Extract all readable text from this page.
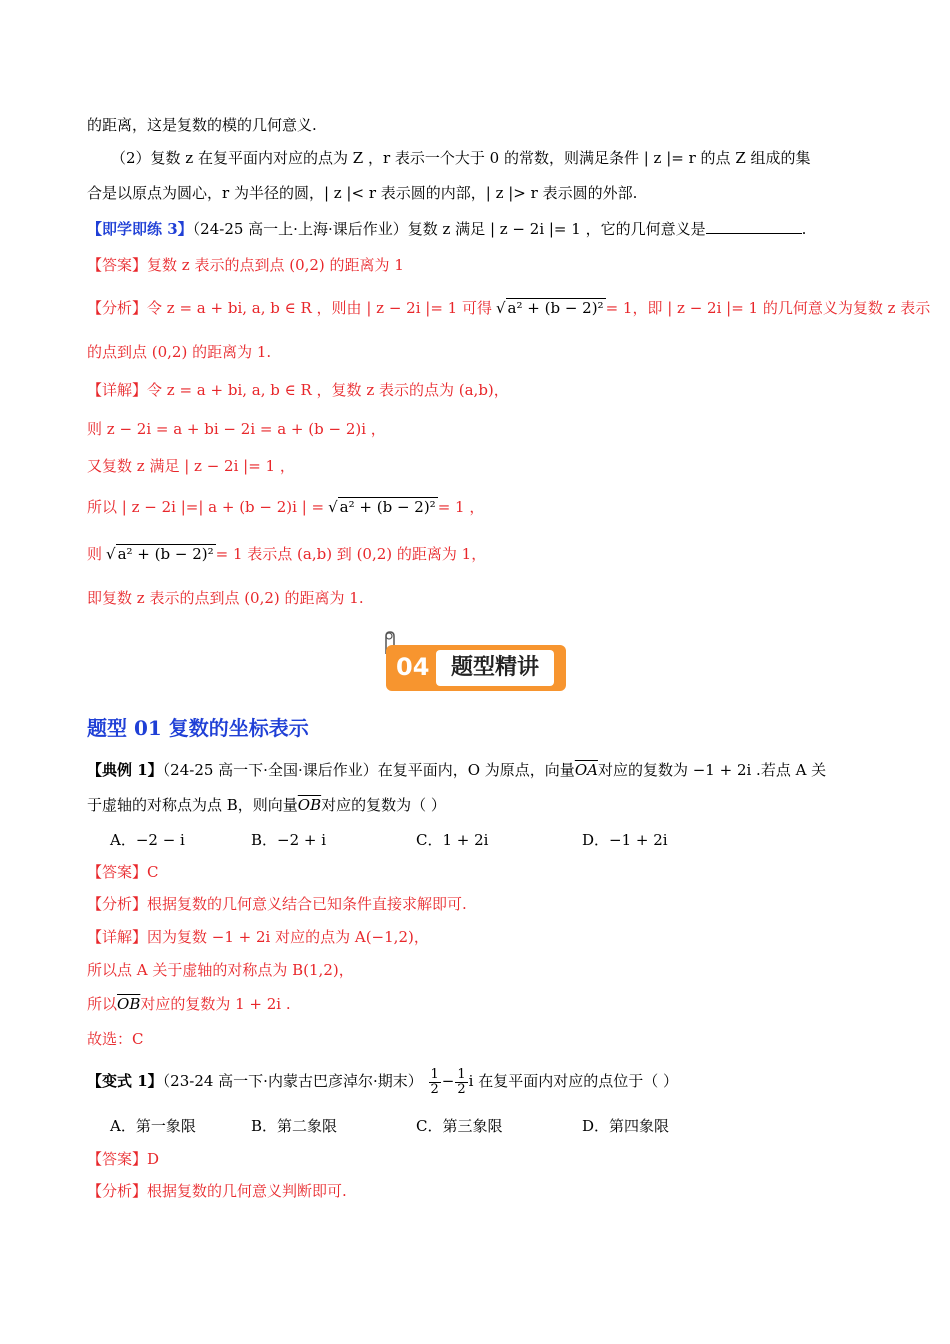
的距离，这是复数的模的几何意义.
（2）复数 z 在复平面内对应的点为 Z ，r 表示一个大于 0 的常数，则满足条件 | z |= r 的点 Z 组成的集
合是以原点为圆心，r 为半径的圆，| z |< r 表示圆的内部，| z |> r 表示圆的外部.
【即学即练 3】（24-25 高一上·上海·课后作业）复数 z 满足 | z − 2i |= 1 ，它的几何意义是	.
【答案】复数 z 表示的点到点 (0,2) 的距离为 1
【分析】令 z = a + bi, a, b ∈ R ，则由 | z − 2i |= 1 可得 √ a² + (b − 2)² = 1，即 | z − 2i |= 1 的几何意义为复数 z 表示
的点到点 (0,2) 的距离为 1.
【详解】令 z = a + bi, a, b ∈ R ，复数 z 表示的点为 (a,b)，
则 z − 2i = a + bi − 2i = a + (b − 2)i ，
又复数 z 满足 | z − 2i |= 1 ，
所以 | z − 2i |=| a + (b − 2)i | = √ a² + (b − 2)² = 1 ，
则 √ a² + (b − 2)² = 1 表示点 (a,b) 到 (0,2) 的距离为 1，
即复数 z 表示的点到点 (0,2) 的距离为 1.
04 题型精讲
题型 01 复数的坐标表示
【典例 1】（24-25 高一下·全国·课后作业）在复平面内，O 为原点，向量$\overline{OA}$对应的复数为 −1 + 2i .若点 A 关
于虚轴的对称点为点 B，则向量$\overline{OB}$对应的复数为（ ）
A．−2 − i	B．−2 + i	C．1 + 2i	D．−1 + 2i
【答案】C
【分析】根据复数的几何意义结合已知条件直接求解即可.
【详解】因为复数 −1 + 2i 对应的点为 A(−1,2)，
所以点 A 关于虚轴的对称点为 B(1,2)，
所以$\overline{OB}$对应的复数为 1 + 2i .
故选：C
【变式 1】（23-24 高一下·内蒙古巴彦淖尔·期末） $\frac{1}{2} - \frac{1}{2}$ i 在复平面内对应的点位于（ ）
A．第一象限	B．第二象限	C．第三象限	D．第四象限
【答案】D
【分析】根据复数的几何意义判断即可.
